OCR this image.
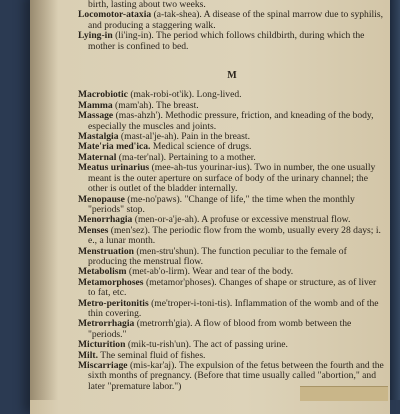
birth, lasting about two weeks.

Locomotor-ataxia (a-tak-shea). A disease of the spinal marrow due to syphilis, and producing a staggering walk.

Lying-in (li'ing-in). The period which follows childbirth, during which the mother is confined to bed.

M

Macrobiotic (mak-robi-ot'ik). Long-lived.

Mamma (mam'ah). The breast.

Massage (mas-ahzh'). Methodic pressure, friction, and kneading of the body, especially the muscles and joints.

Mastalgia (mast-al'je-ah). Pain in the breast.

Mate'ria med'ica. Medical science of drugs.

Maternal (ma-ter'nal). Pertaining to a mother.

Meatus urinarius (mee-ah-tus yourinar-ius). Two in number, the one usually meant is the outer aperture on surface of body of the urinary channel; the other is outlet of the bladder internally.

Menopause (me-no'paws). "Change of life," the time when the monthly "periods" stop.

Menorrhagia (men-or-a'je-ah). A profuse or excessive menstrual flow.

Menses (men'sez). The periodic flow from the womb, usually every 28 days; i. e., a lunar month.

Menstruation (men-stru'shun). The function peculiar to the female of producing the menstrual flow.

Metabolism (met-ab'o-lirm). Wear and tear of the body.

Metamorphoses (metamor'phoses). Changes of shape or structure, as of liver to fat, etc.

Metro-peritonitis (me'troper-i-toni-tis). Inflammation of the womb and of the thin covering.

Metrorrhagia (metrorrh'gia). A flow of blood from womb between the "periods."

Micturition (mik-tu-rish'un). The act of passing urine.

Milt. The seminal fluid of fishes.

Miscarriage (mis-kar'aj). The expulsion of the fetus between the fourth and the sixth months of pregnancy. (Before that time usually called "abortion," and later "premature labor.")
